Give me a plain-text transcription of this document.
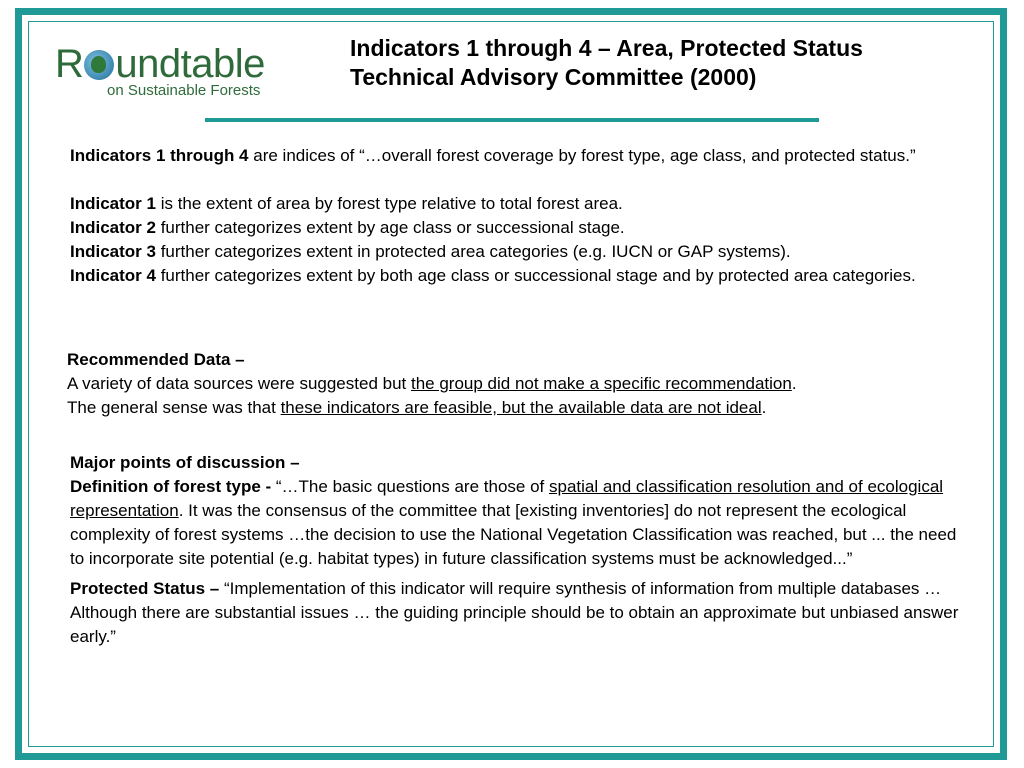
R undtable
on Sustainable Forests
Indicators 1 through 4 – Area, Protected Status
Technical Advisory Committee (2000)

Indicators 1 through 4 are indices of “…overall forest coverage by forest type, age class, and protected status.”

Indicator 1 is the extent of area by forest type relative to total forest area.

Indicator 2 further categorizes extent by age class or successional stage.

Indicator 3 further categorizes extent in protected area categories (e.g. IUCN or GAP systems).

Indicator 4 further categorizes extent by both age class or successional stage and by protected area categories.

Recommended Data –

A variety of data sources were suggested but the group did not make a specific recommendation.

The general sense was that these indicators are feasible, but the available data are not ideal.

Major points of discussion –

Definition of forest type - “…The basic questions are those of spatial and classification resolution and of ecological representation. It was the consensus of the committee that [existing inventories] do not represent the ecological complexity of forest systems …the decision to use the National Vegetation Classification was reached, but ... the need to incorporate site potential (e.g. habitat types) in future classification systems must be acknowledged...”

Protected Status – “Implementation of this indicator will require synthesis of information from multiple databases … Although there are substantial issues … the guiding principle should be to obtain an approximate but unbiased answer early.”
